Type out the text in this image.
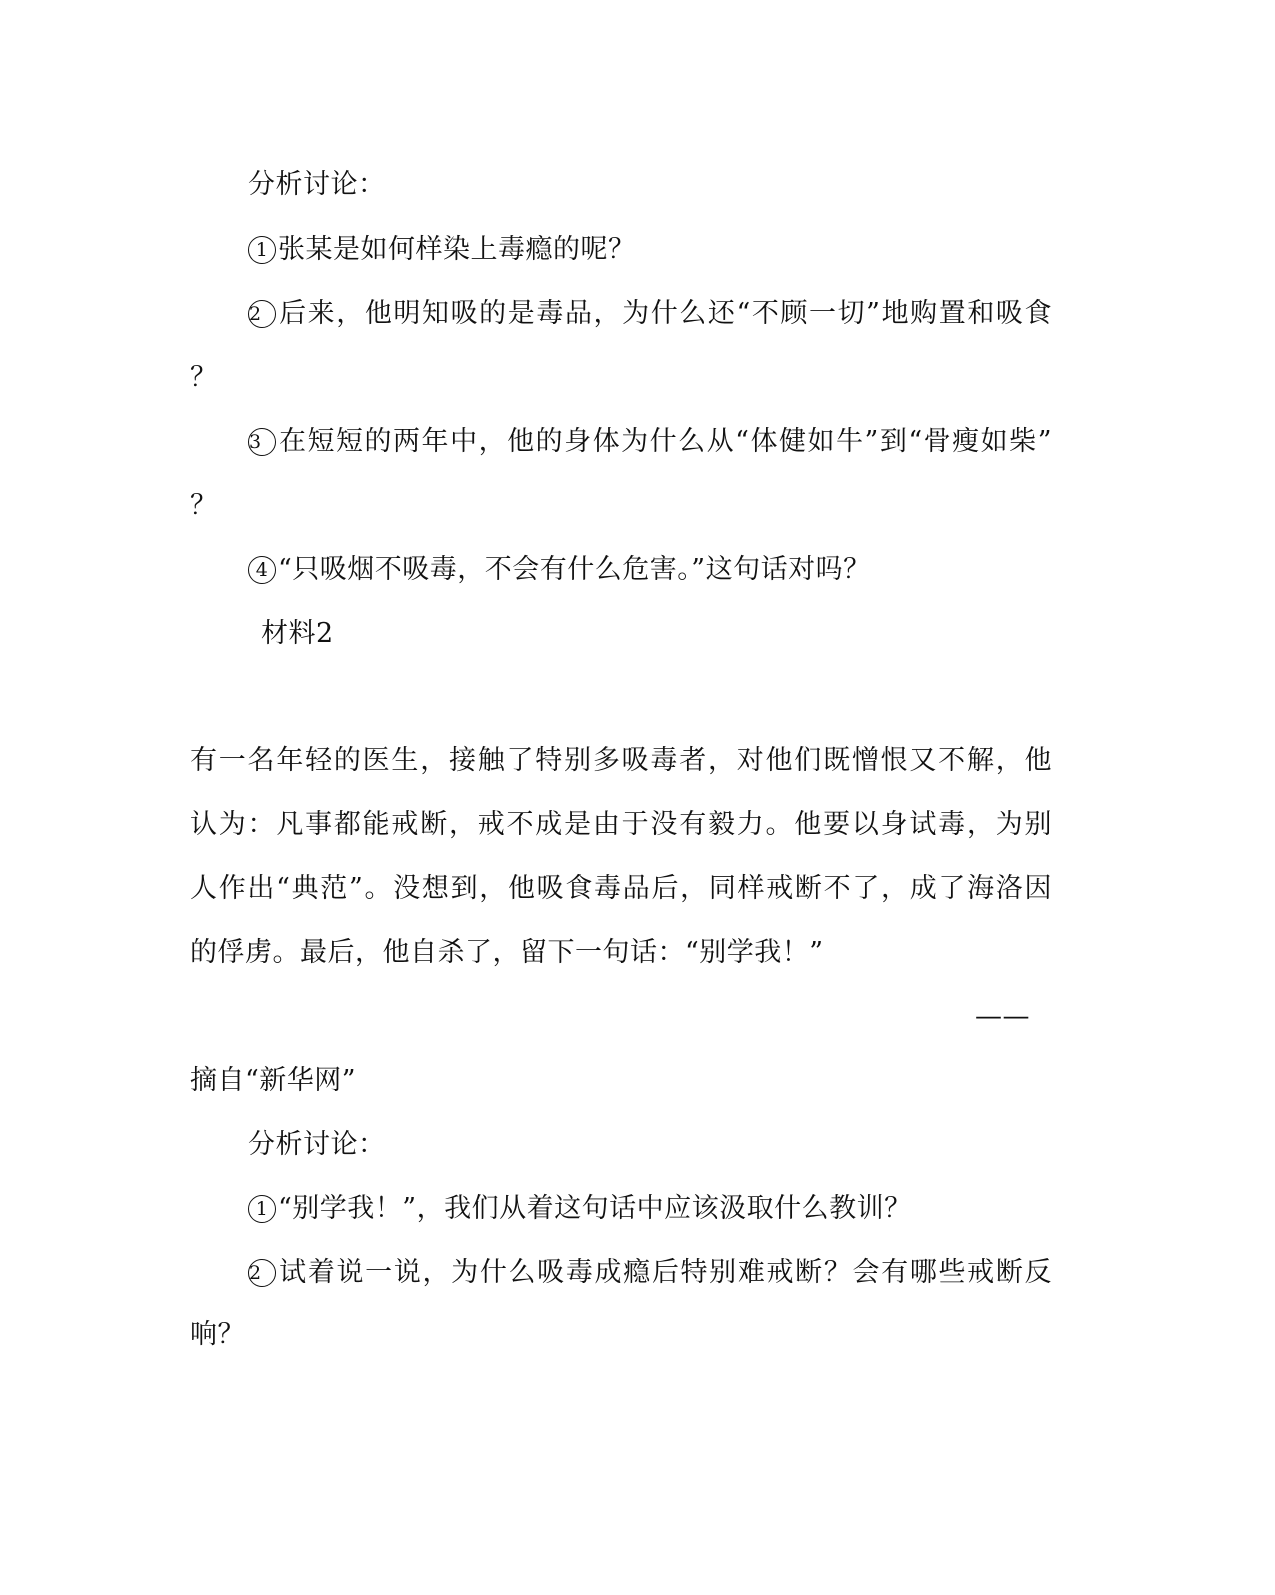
分析讨论：
1 张某是如何样染上毒瘾的呢？
2 后来，他明知吸的是毒品，为什么还“不顾一切”地购置和吸食
？
3 在短短的两年中，他的身体为什么从“体健如牛”到“骨瘦如柴”
？
4 “只吸烟不吸毒，不会有什么危害。”这句话对吗？
材料2
有一名年轻的医生，接触了特别多吸毒者，对他们既憎恨又不解，他
认为：凡事都能戒断，戒不成是由于没有毅力。他要以身试毒，为别
人作出“典范”。没想到，他吸食毒品后，同样戒断不了，成了海洛因
的俘虏。最后，他自杀了，留下一句话：“别学我！”
——
摘自“新华网”
分析讨论：
1 “别学我！”，我们从着这句话中应该汲取什么教训？
2 试着说一说，为什么吸毒成瘾后特别难戒断？会有哪些戒断反
响？
